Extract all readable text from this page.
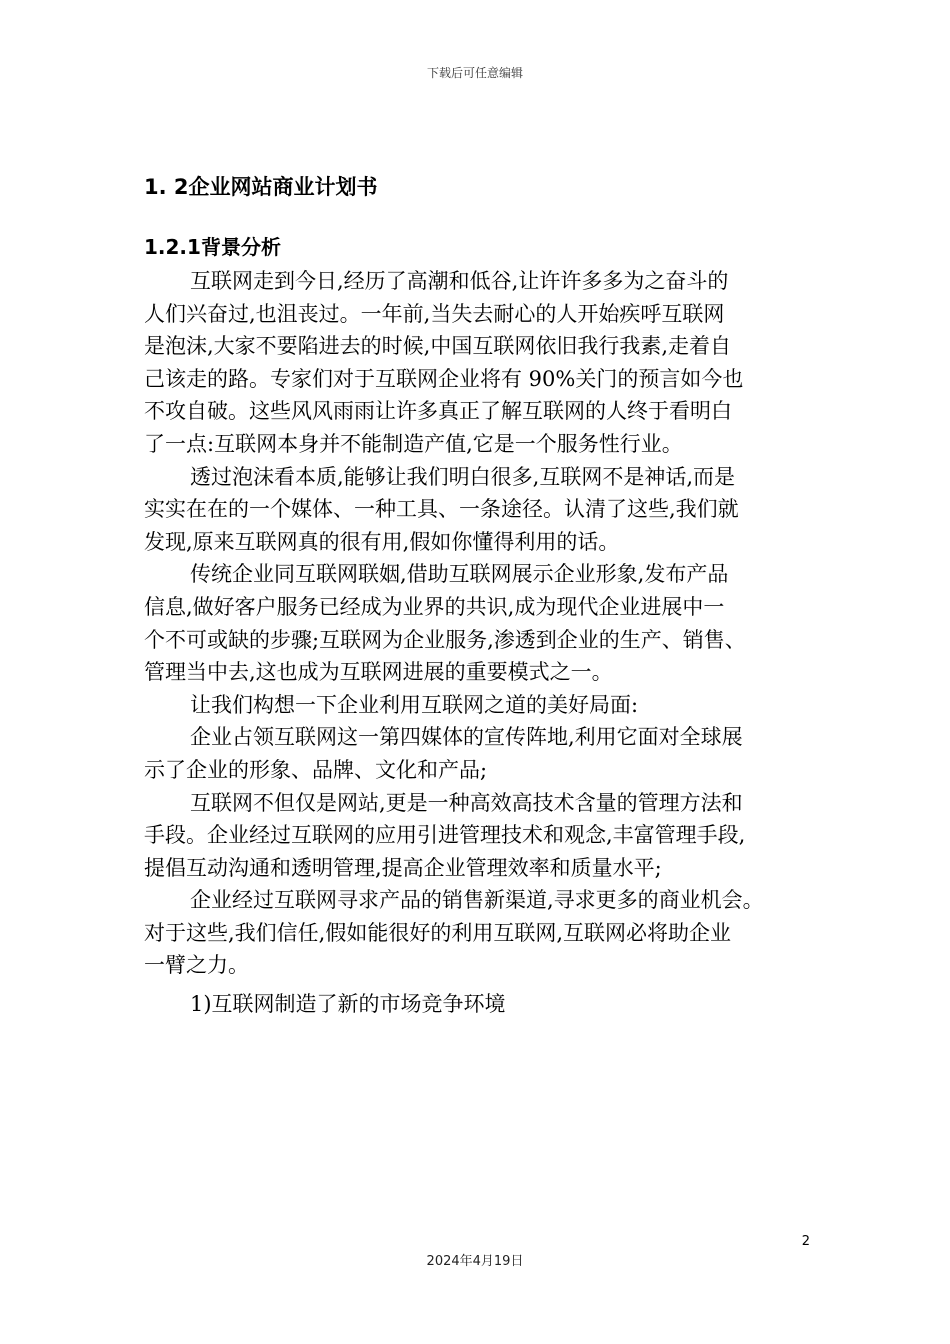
下载后可任意编辑
1. 2企业网站商业计划书
1.2.1背景分析
互联网走到今日,经历了高潮和低谷,让许许多多为之奋斗的
人们兴奋过,也沮丧过。一年前,当失去耐心的人开始疾呼互联网
是泡沫,大家不要陷进去的时候,中国互联网依旧我行我素,走着自
己该走的路。专家们对于互联网企业将有 90%关门的预言如今也
不攻自破。这些风风雨雨让许多真正了解互联网的人终于看明白
了一点:互联网本身并不能制造产值,它是一个服务性行业。
透过泡沫看本质,能够让我们明白很多,互联网不是神话,而是
实实在在的一个媒体、一种工具、一条途径。认清了这些,我们就
发现,原来互联网真的很有用,假如你懂得利用的话。
传统企业同互联网联姻,借助互联网展示企业形象,发布产品
信息,做好客户服务已经成为业界的共识,成为现代企业进展中一
个不可或缺的步骤;互联网为企业服务,渗透到企业的生产、销售、
管理当中去,这也成为互联网进展的重要模式之一。
让我们构想一下企业利用互联网之道的美好局面:
企业占领互联网这一第四媒体的宣传阵地,利用它面对全球展
示了企业的形象、品牌、文化和产品;
互联网不但仅是网站,更是一种高效高技术含量的管理方法和
手段。企业经过互联网的应用引进管理技术和观念,丰富管理手段,
提倡互动沟通和透明管理,提高企业管理效率和质量水平;
企业经过互联网寻求产品的销售新渠道,寻求更多的商业机会。
对于这些,我们信任,假如能很好的利用互联网,互联网必将助企业
一臂之力。
1)互联网制造了新的市场竞争环境
2
2024年4月19日
